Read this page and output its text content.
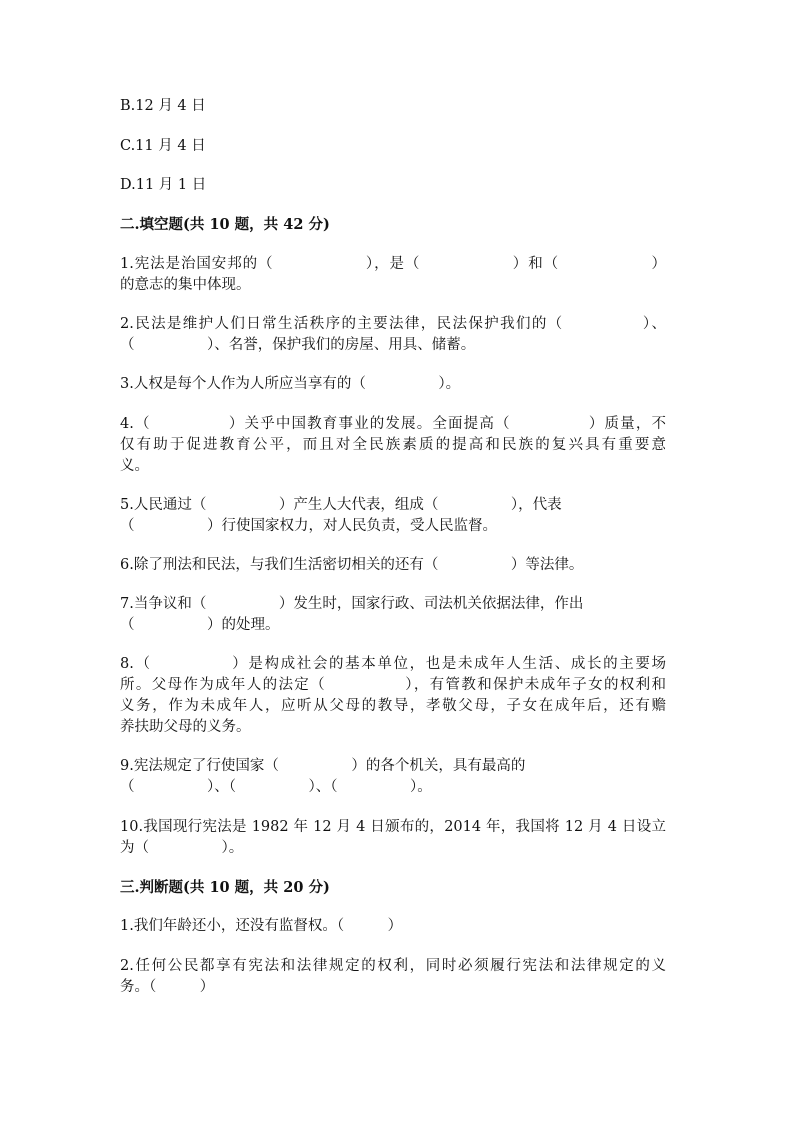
B.12 月 4 日
C.11 月 4 日
D.11 月 1 日
二.填空题(共 10 题，共 42 分)
1.宪法是治国安邦的（　　　　　　），是（　　　　　　）和（　　　　　　）
的意志的集中体现。
2.民法是维护人们日常生活秩序的主要法律，民法保护我们的（　　　　　）、
（　　　　　）、名誉，保护我们的房屋、用具、储蓄。
3.人权是每个人作为人所应当享有的（　　　　　）。
4.（　　　　　）关乎中国教育事业的发展。全面提高（　　　　　）质量，不
仅有助于促进教育公平，而且对全民族素质的提高和民族的复兴具有重要意
义。
5.人民通过（　　　　　）产生人大代表，组成（　　　　　），代表
（　　　　　）行使国家权力，对人民负责，受人民监督。
6.除了刑法和民法，与我们生活密切相关的还有（　　　　　）等法律。
7.当争议和（　　　　　）发生时，国家行政、司法机关依据法律，作出
（　　　　　）的处理。
8.（　　　　　）是构成社会的基本单位，也是未成年人生活、成长的主要场
所。父母作为成年人的法定（　　　　　），有管教和保护未成年子女的权利和
义务，作为未成年人，应听从父母的教导，孝敬父母，子女在成年后，还有赡
养扶助父母的义务。
9.宪法规定了行使国家（　　　　　）的各个机关，具有最高的
（　　　　　）、（　　　　　）、（　　　　　）。
10.我国现行宪法是 1982 年 12 月 4 日颁布的，2014 年，我国将 12 月 4 日设立
为（　　　　　）。
三.判断题(共 10 题，共 20 分)
1.我们年龄还小，还没有监督权。（　　　）
2.任何公民都享有宪法和法律规定的权利，同时必须履行宪法和法律规定的义
务。（　　　）
